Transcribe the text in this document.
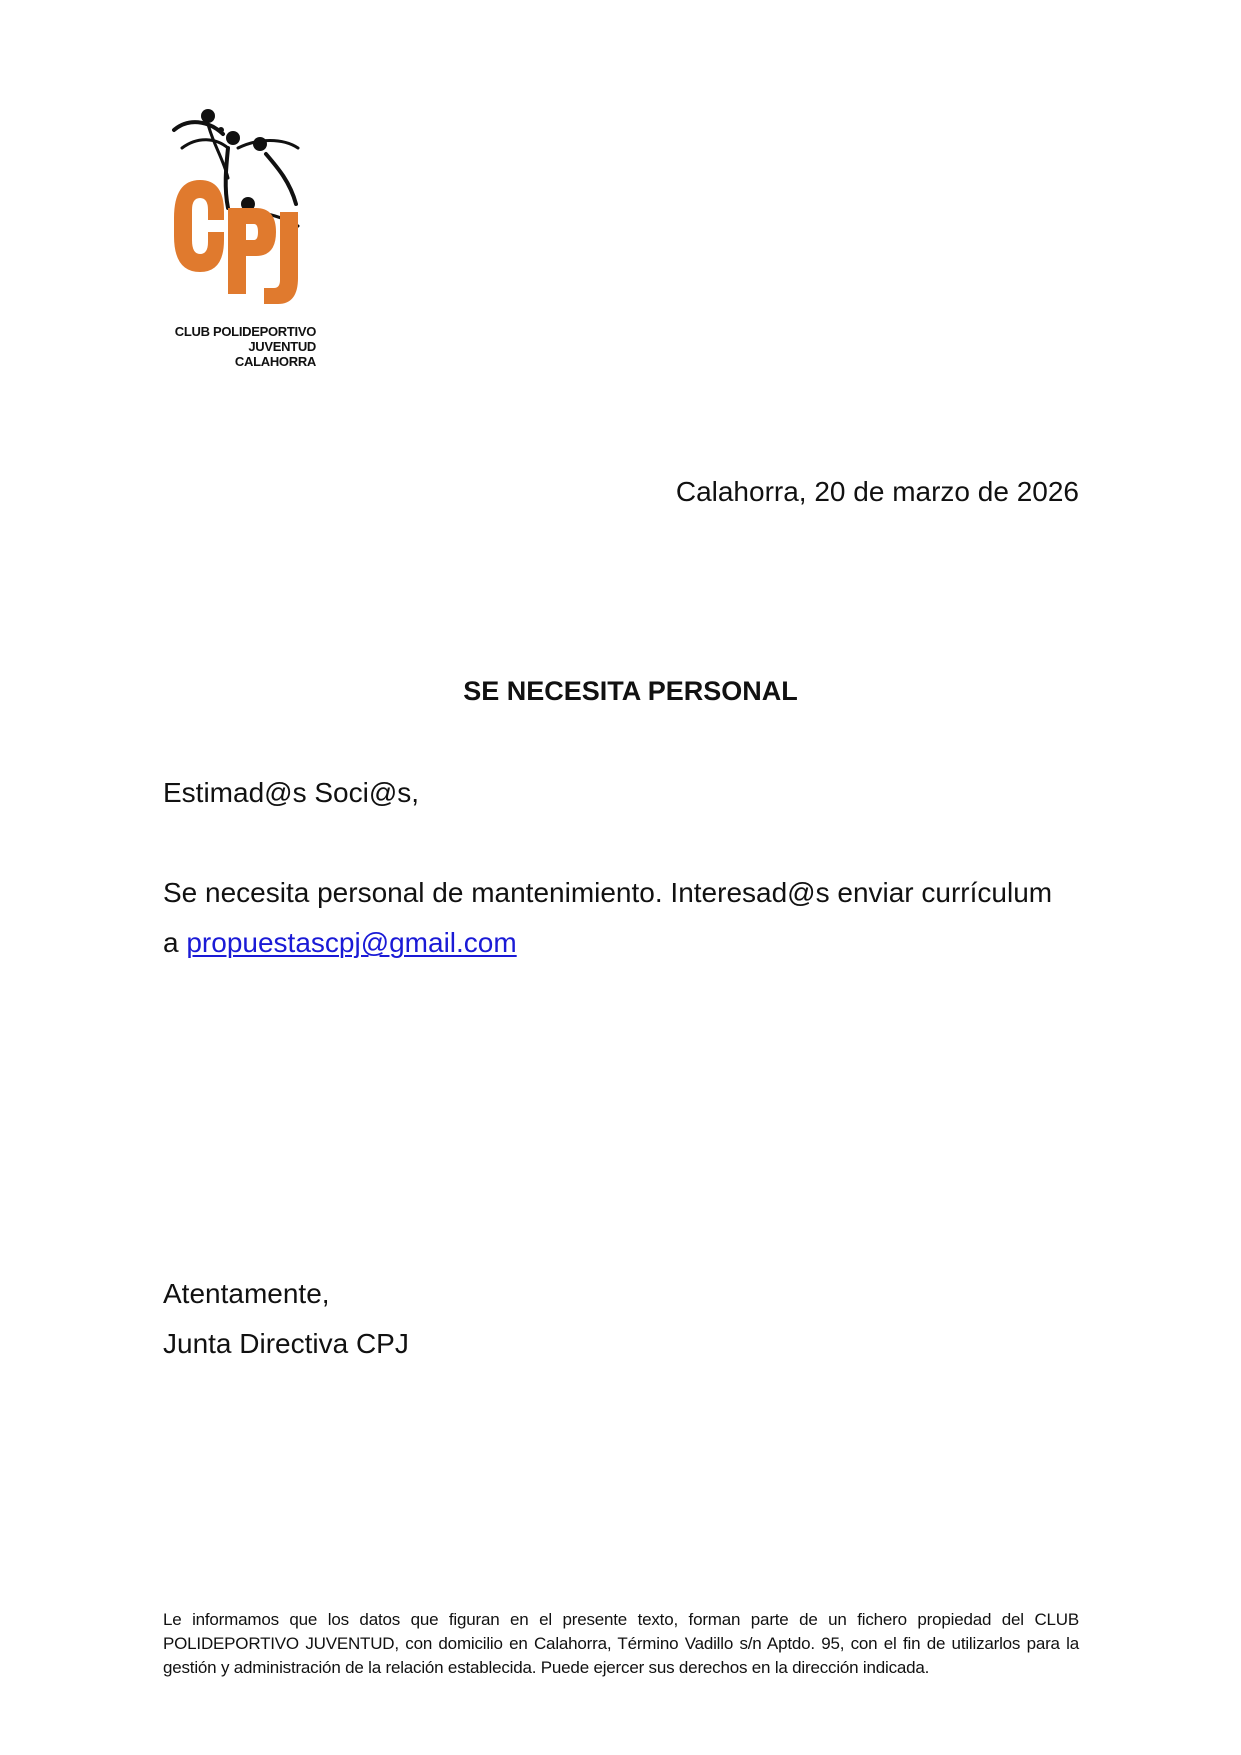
CLUB POLIDEPORTIVO
JUVENTUD
CALAHORRA
Calahorra, 20 de marzo de 2026
SE NECESITA PERSONAL
Estimad@s Soci@s,
Se necesita personal de mantenimiento. Interesad@s enviar currículum
a propuestascpj@gmail.com
Atentamente,
Junta Directiva CPJ
Le informamos que los datos que figuran en el presente texto, forman parte de un fichero propiedad del CLUB POLIDEPORTIVO JUVENTUD, con domicilio en Calahorra, Término Vadillo s/n Aptdo. 95, con el fin de utilizarlos para la gestión y administración de la relación establecida. Puede ejercer sus derechos en la dirección indicada.
